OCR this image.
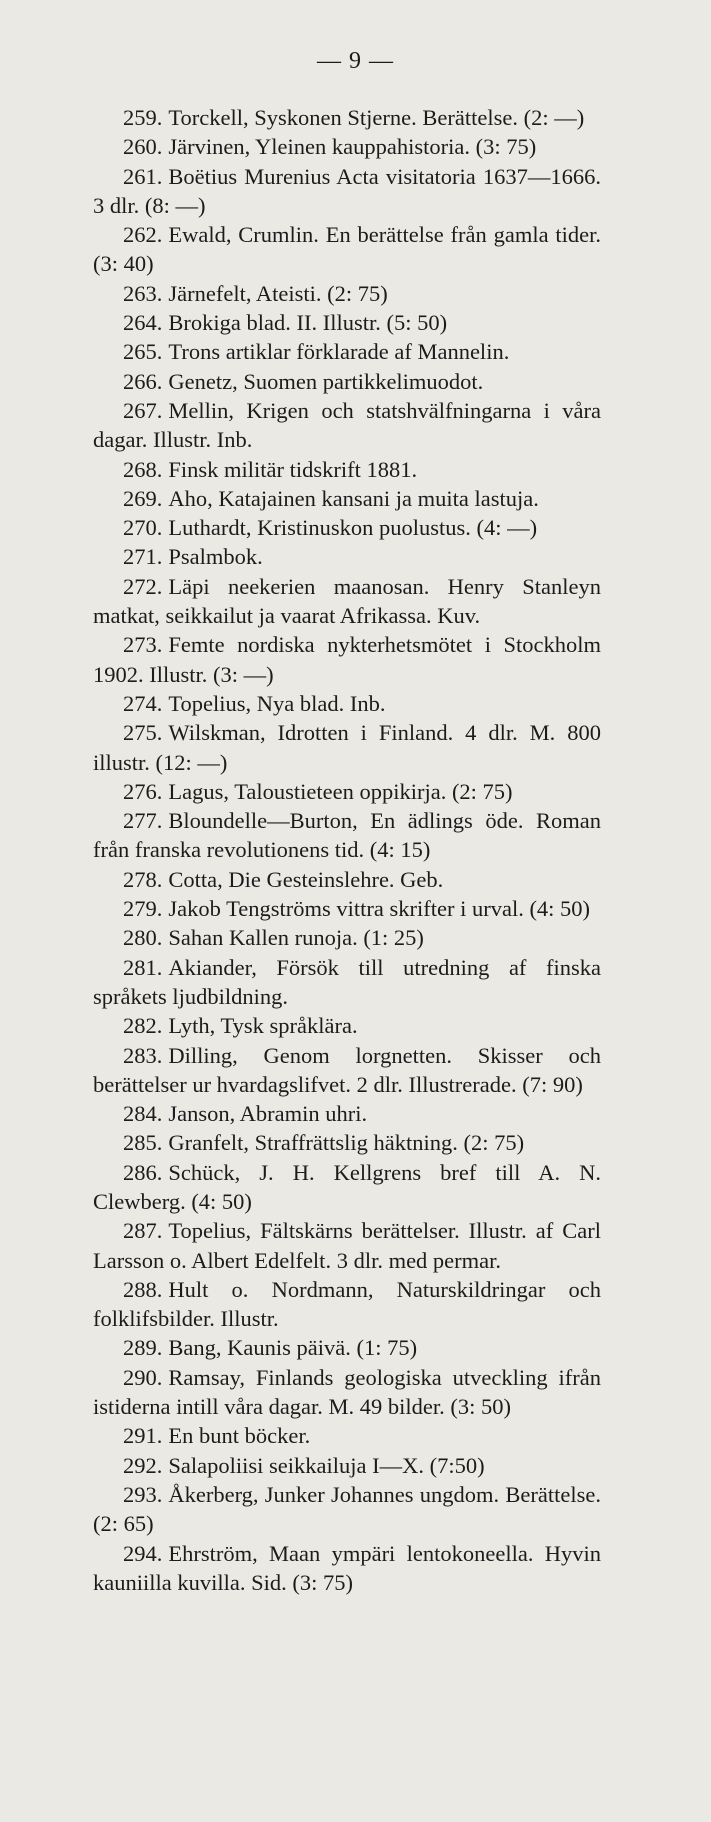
— 9 —

259. Torckell, Syskonen Stjerne. Berättelse. (2: —)

260. Järvinen, Yleinen kauppahistoria. (3: 75)

261. Boëtius Murenius Acta visitatoria 1637—1666. 3 dlr. (8: —)

262. Ewald, Crumlin. En berättelse från gamla tider. (3: 40)

263. Järnefelt, Ateisti. (2: 75)

264. Brokiga blad. II. Illustr. (5: 50)

265. Trons artiklar förklarade af Mannelin.

266. Genetz, Suomen partikkelimuodot.

267. Mellin, Krigen och statshvälfningarna i våra dagar. Illustr. Inb.

268. Finsk militär tidskrift 1881.

269. Aho, Katajainen kansani ja muita lastuja.

270. Luthardt, Kristinuskon puolustus. (4: —)

271. Psalmbok.

272. Läpi neekerien maanosan. Henry Stanleyn matkat, seikkailut ja vaarat Afrikassa. Kuv.

273. Femte nordiska nykterhetsmötet i Stockholm 1902. Illustr. (3: —)

274. Topelius, Nya blad. Inb.

275. Wilskman, Idrotten i Finland. 4 dlr. M. 800 illustr. (12: —)

276. Lagus, Taloustieteen oppikirja. (2: 75)

277. Bloundelle—Burton, En ädlings öde. Roman från franska revolutionens tid. (4: 15)

278. Cotta, Die Gesteinslehre. Geb.

279. Jakob Tengströms vittra skrifter i urval. (4: 50)

280. Sahan Kallen runoja. (1: 25)

281. Akiander, Försök till utredning af finska språkets ljudbildning.

282. Lyth, Tysk språklära.

283. Dilling, Genom lorgnetten. Skisser och berättelser ur hvardagslifvet. 2 dlr. Illustrerade. (7: 90)

284. Janson, Abramin uhri.

285. Granfelt, Straffrättslig häktning. (2: 75)

286. Schück, J. H. Kellgrens bref till A. N. Clewberg. (4: 50)

287. Topelius, Fältskärns berättelser. Illustr. af Carl Larsson o. Albert Edelfelt. 3 dlr. med permar.

288. Hult o. Nordmann, Naturskildringar och folklifsbilder. Illustr.

289. Bang, Kaunis päivä. (1: 75)

290. Ramsay, Finlands geologiska utveckling ifrån istiderna intill våra dagar. M. 49 bilder. (3: 50)

291. En bunt böcker.

292. Salapoliisi seikkailuja I—X. (7:50)

293. Åkerberg, Junker Johannes ungdom. Berättelse. (2: 65)

294. Ehrström, Maan ympäri lentokoneella. Hyvin kauniilla kuvilla. Sid. (3: 75)
